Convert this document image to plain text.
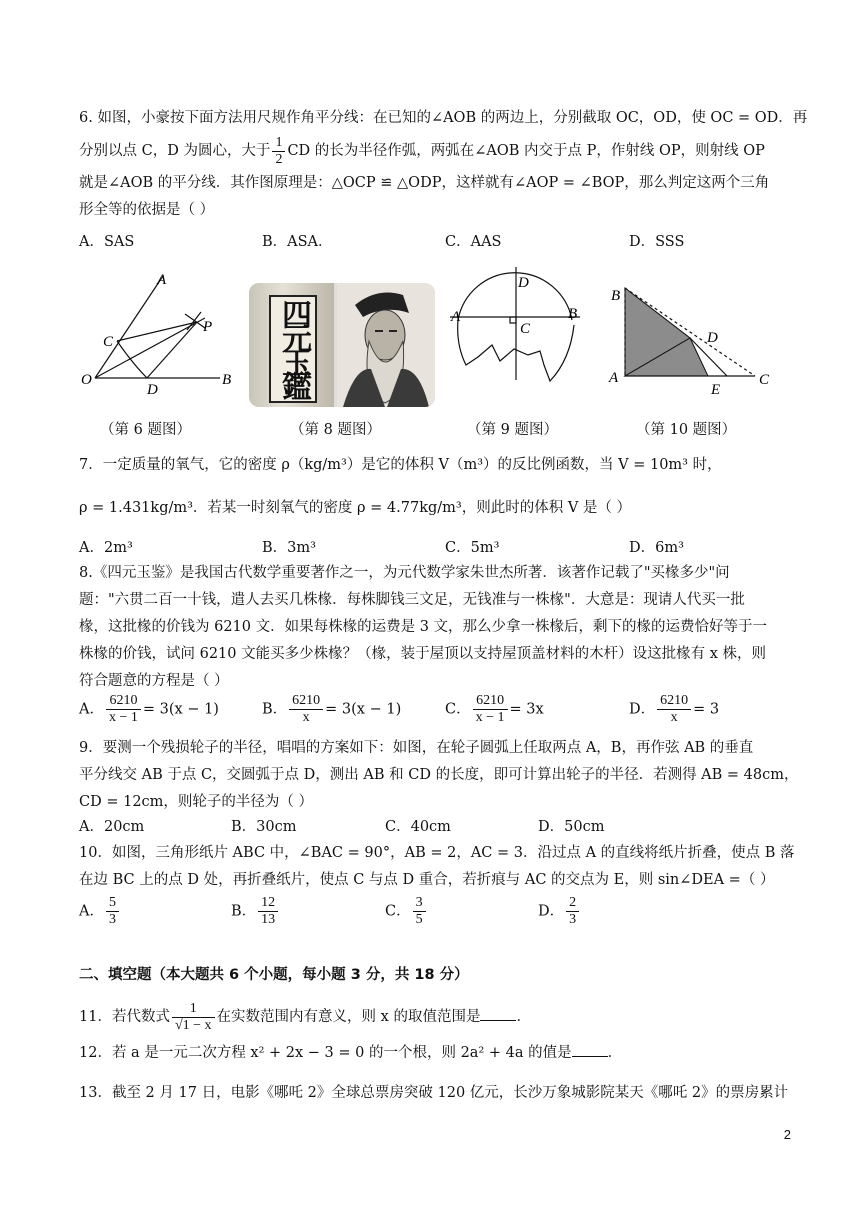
6. 如图，小豪按下面方法用尺规作角平分线：在已知的∠AOB 的两边上，分别截取 OC，OD，使 OC = OD．再
分别以点 C，D 为圆心，大于 $\frac{1}{2}$ CD 的长为半径作弧，两弧在∠AOB 内交于点 P，作射线 OP，则射线 OP
就是∠AOB 的平分线．其作图原理是：△OCP ≌ △ODP，这样就有∠AOP = ∠BOP，那么判定这两个三角
形全等的依据是（ ）
A．SAS	B．ASA．	C．AAS	D．SSS
A
P
C
O
D
B 四元玉鑑
D
A
C
B
B
D
A
E
C
（第 6 题图）	（第 8 题图）	（第 9 题图）	（第 10 题图）
7．一定质量的氧气，它的密度 ρ（kg/m³）是它的体积 V（m³）的反比例函数，当 V = 10m³ 时，
ρ = 1.431kg/m³．若某一时刻氧气的密度 ρ = 4.77kg/m³，则此时的体积 V 是（ ）
A．2m³	B．3m³	C．5m³	D．6m³
8.《四元玉鉴》是我国古代数学重要著作之一，为元代数学家朱世杰所著．该著作记载了"买椽多少"问
题："六贯二百一十钱，遣人去买几株椽．每株脚钱三文足，无钱准与一株椽"．大意是：现请人代买一批
椽，这批椽的价钱为 6210 文．如果每株椽的运费是 3 文，那么少拿一株椽后，剩下的椽的运费恰好等于一
株椽的价钱，试问 6210 文能买多少株椽？（椽，装于屋顶以支持屋顶盖材料的木杆）设这批椽有 x 株，则
符合题意的方程是（ ）
A． $\frac{6210}{x - 1} = 3(x - 1)$	B． $\frac{6210}{x} = 3(x - 1)$	C． $\frac{6210}{x - 1} = 3x$	D． $\frac{6210}{x} = 3$
9．要测一个残损轮子的半径，唱唱的方案如下：如图，在轮子圆弧上任取两点 A，B，再作弦 AB 的垂直
平分线交 AB 于点 C，交圆弧于点 D，测出 AB 和 CD 的长度，即可计算出轮子的半径．若测得 AB = 48cm，
CD = 12cm，则轮子的半径为（ ）
A．20cm	B．30cm	C．40cm	D．50cm
10．如图，三角形纸片 ABC 中，∠BAC = 90°，AB = 2，AC = 3．沿过点 A 的直线将纸片折叠，使点 B 落
在边 BC 上的点 D 处，再折叠纸片，使点 C 与点 D 重合，若折痕与 AC 的交点为 E，则 sin∠DEA =（ ）
A． $\frac{5}{3}$	B． $\frac{12}{13}$	C． $\frac{3}{5}$	D． $\frac{2}{3}$
二、填空题（本大题共 6 个小题，每小题 3 分，共 18 分）
11．若代数式 $\frac{1}{√1 - x}$ 在实数范围内有意义，则 x 的取值范围是 ．
12．若 a 是一元二次方程 x² + 2x − 3 = 0 的一个根，则 2a² + 4a 的值是 ．
13．截至 2 月 17 日，电影《哪吒 2》全球总票房突破 120 亿元，长沙万象城影院某天《哪吒 2》的票房累计
2
